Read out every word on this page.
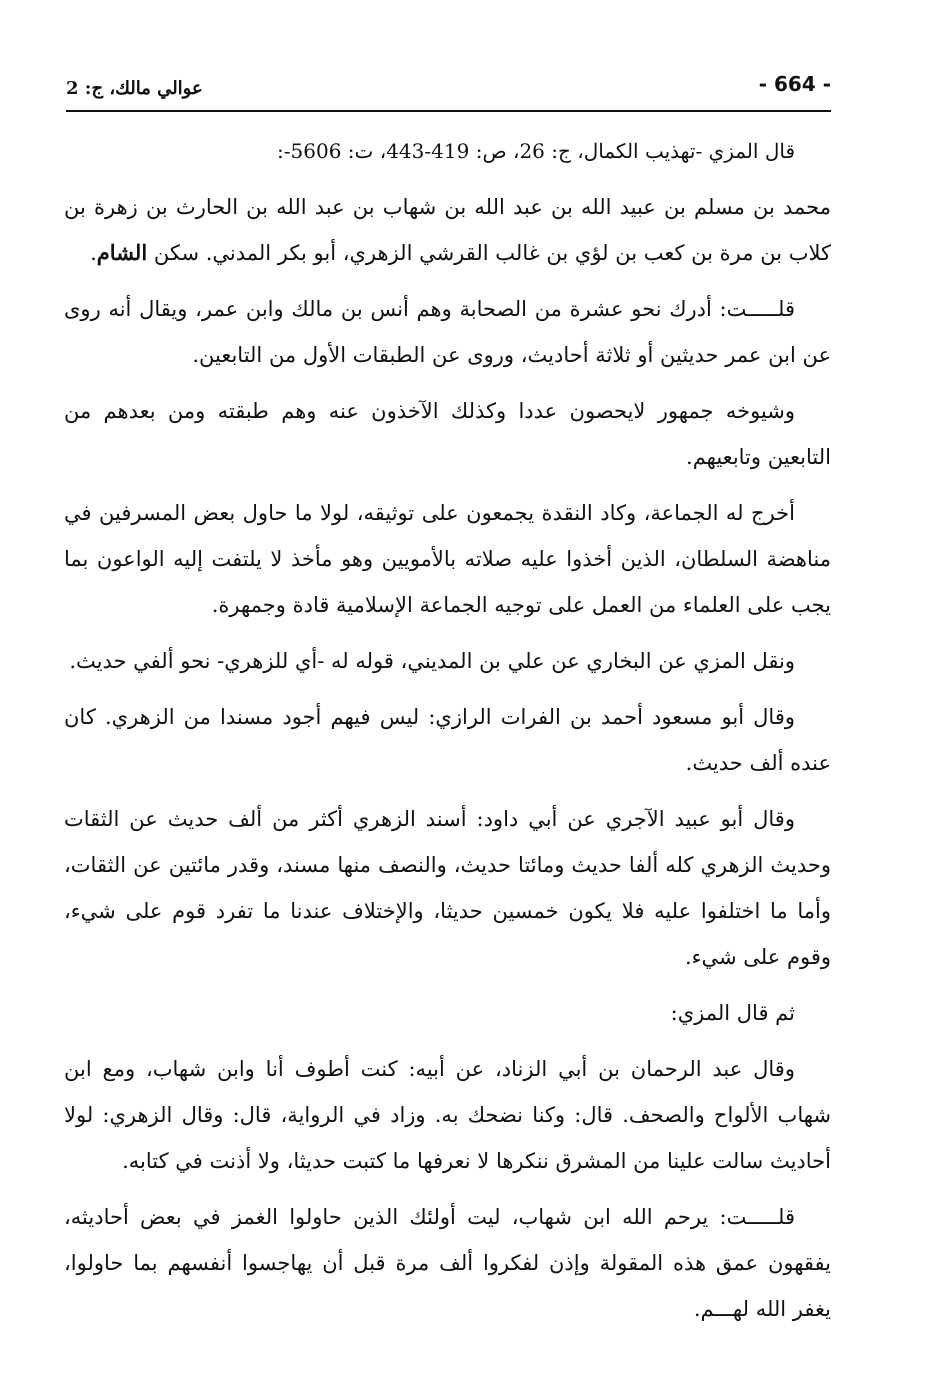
- 664 -
عوالي مالك، ج: 2

قال المزي -تهذيب الكمال، ج: 26، ص: 419-443، ت: 5606-:

محمد بن مسلم بن عبيد الله بن عبد الله بن شهاب بن عبد الله بن الحارث بن زهرة بن كلاب بن مرة بن كعب بن لؤي بن غالب القرشي الزهري، أبو بكر المدني. سكن الشام.

قلـــــت: أدرك نحو عشرة من الصحابة وهم أنس بن مالك وابن عمر، ويقال أنه روى عن ابن عمر حديثين أو ثلاثة أحاديث، وروى عن الطبقات الأول من التابعين.

وشيوخه جمهور لايحصون عددا وكذلك الآخذون عنه وهم طبقته ومن بعدهم من التابعين وتابعيهم.

أخرج له الجماعة، وكاد النقدة يجمعون على توثيقه، لولا ما حاول بعض المسرفين في مناهضة السلطان، الذين أخذوا عليه صلاته بالأمويين وهو مأخذ لا يلتفت إليه الواعون بما يجب على العلماء من العمل على توجيه الجماعة الإسلامية قادة وجمهرة.

ونقل المزي عن البخاري عن علي بن المديني، قوله له -أي للزهري- نحو ألفي حديث.

وقال أبو مسعود أحمد بن الفرات الرازي: ليس فيهم أجود مسندا من الزهري. كان عنده ألف حديث.

وقال أبو عبيد الآجري عن أبي داود: أسند الزهري أكثر من ألف حديث عن الثقات وحديث الزهري كله ألفا حديث ومائتا حديث، والنصف منها مسند، وقدر مائتين عن الثقات، وأما ما اختلفوا عليه فلا يكون خمسين حديثا، والإختلاف عندنا ما تفرد قوم على شيء، وقوم على شيء.

ثم قال المزي:

وقال عبد الرحمان بن أبي الزناد، عن أبيه: كنت أطوف أنا وابن شهاب، ومع ابن شهاب الألواح والصحف. قال: وكنا نضحك به. وزاد في الرواية، قال: وقال الزهري: لولا أحاديث سالت علينا من المشرق ننكرها لا نعرفها ما كتبت حديثا، ولا أذنت في كتابه.

قلـــــت: يرحم الله ابن شهاب، ليت أولئك الذين حاولوا الغمز في بعض أحاديثه، يفقهون عمق هذه المقولة وإذن لفكروا ألف مرة قبل أن يهاجسوا أنفسهم بما حاولوا، يغفر الله لهـــم.
